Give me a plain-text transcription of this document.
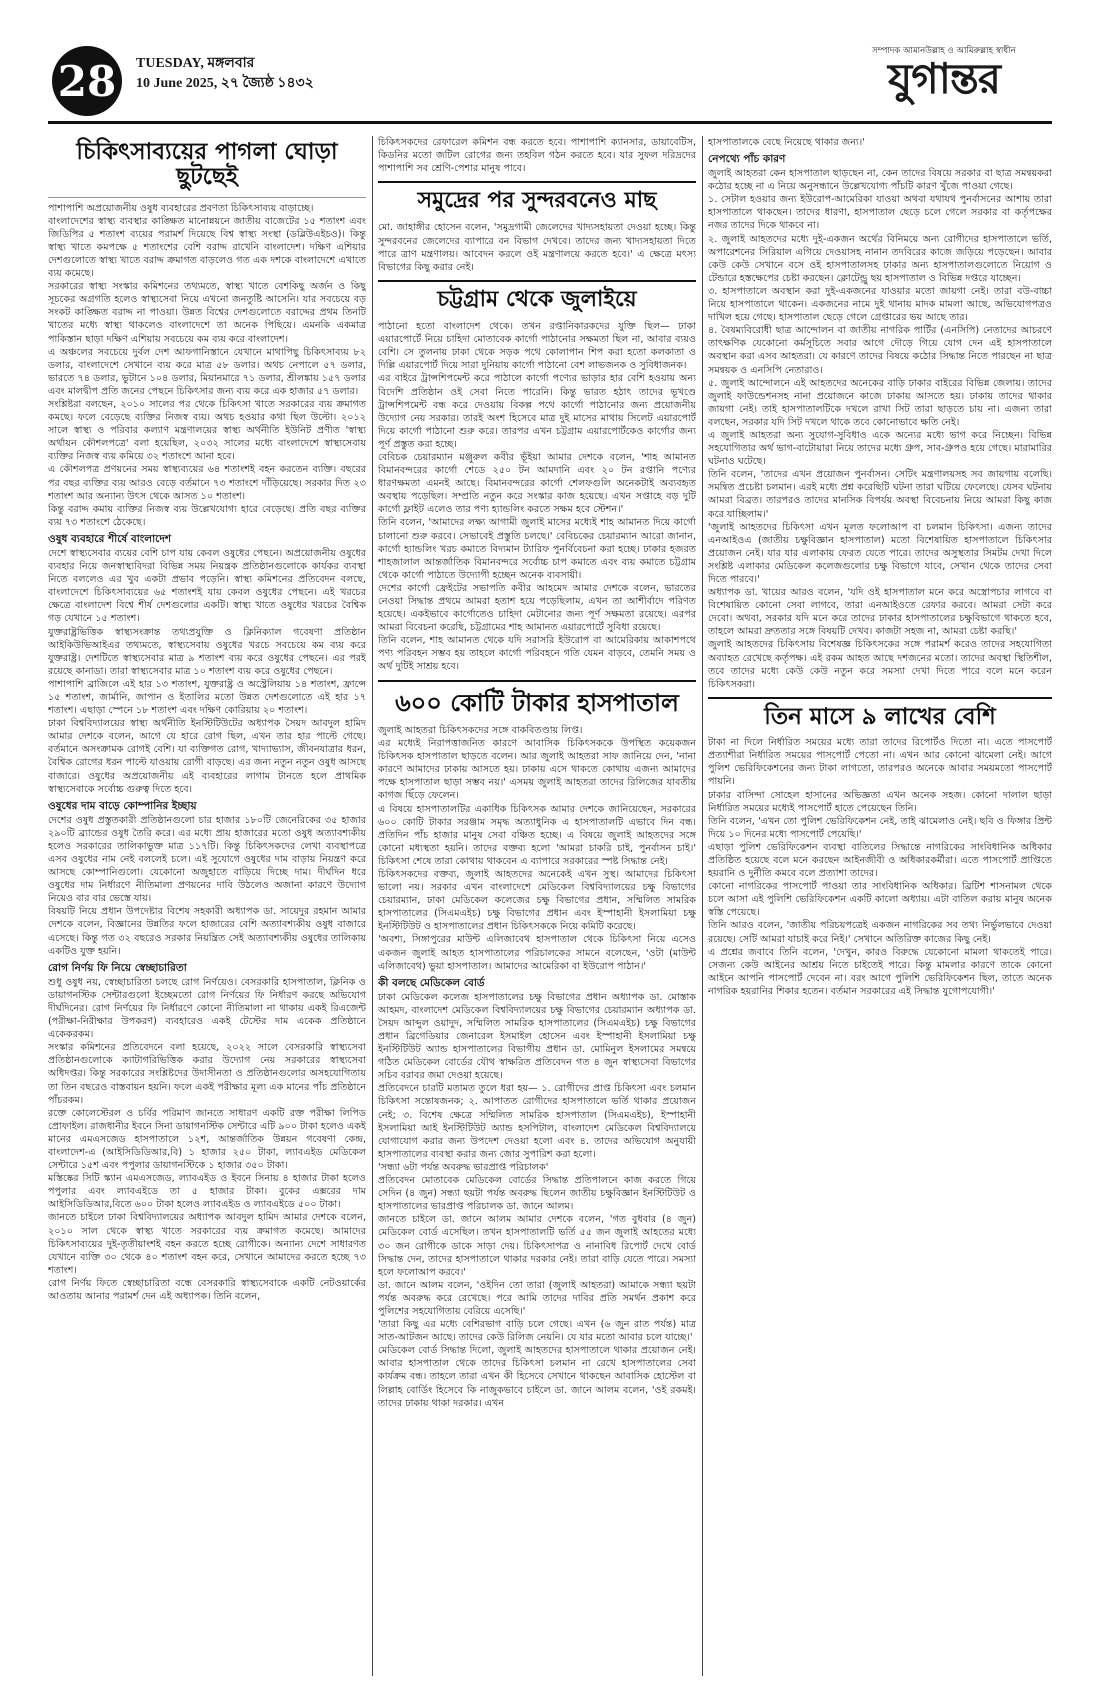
28	TUESDAY, মঙ্গলবার
10 June 2025, ২৭ জ্যৈষ্ঠ ১৪৩২
সম্পাদক আমানউল্লাহ ও আমিরুল্লাহ স্বাধীন
যুগান্তর
চিকিৎসাব্যয়ের পাগলা ঘোড়া ছুটছেই

পাশাপাশি অপ্রয়োজনীয় ওষুধ ব্যবহারের প্রবণতা চিকিৎসাব্যয় বাড়াচ্ছে।

বাংলাদেশের স্বাস্থ্য ব্যবস্থার কাঙ্ক্ষিত মানোন্নয়নে জাতীয় বাজেটের ১৫ শতাংশ এবং জিডিপির ৫ শতাংশ ব্যয়ের পরামর্শ দিয়েছে বিশ্ব স্বাস্থ্য সংস্থা (ডব্লিউএইচও)। কিন্তু স্বাস্থ্য খাতে কমপক্ষে ৫ শতাংশের বেশি বরাদ্দ রাখেনি বাংলাদেশ। দক্ষিণ এশিয়ার দেশগুলোতে স্বাস্থ্য খাতে বরাদ্দ ক্রমাগত বাড়লেও গত এক দশকে বাংলাদেশে এখাতে ব্যয় কমেছে।

সরকারের স্বাস্থ্য সংস্কার কমিশনের তথ্যমতে, স্বাস্থ্য খাতে বেশকিছু অর্জন ও কিছু সূচকের অগ্রগতি হলেও স্বাস্থ্যসেবা নিয়ে এখনো জনতুষ্টি আসেনি। যার সবচেয়ে বড় সংকট কাঙ্ক্ষিত বরাদ্দ না পাওয়া। উন্নত বিশ্বের দেশগুলোতে বরাদ্দের প্রথম তিনটি খাতের মধ্যে স্বাস্থ্য থাকলেও বাংলাদেশে তা অনেক পিছিয়ে। এমনকি একমাত্র পাকিস্তান ছাড়া দক্ষিণ এশিয়ায় সবচেয়ে কম ব্যয় করে বাংলাদেশ।

এ অঞ্চলের সবচেয়ে দুর্বল দেশ আফগানিস্তানে যেখানে মাথাপিছু চিকিৎসাব্যয় ৮২ ডলার, বাংলাদেশে সেখানে ব্যয় করে মাত্র ৫৮ ডলার। অথচ নেপালে ৫৭ ডলার, ভারতে ৭৪ ডলার, ভুটানে ১০৪ ডলার, মিয়ানমারে ৭১ ডলার, শ্রীলঙ্কায় ১৫৭ ডলার এবং মালদ্বীপ প্রতি জনের পেছনে চিকিৎসার জন্য ব্যয় করে এক হাজার ৫৭ ডলার।

সংশ্লিষ্টরা বলছেন, ২০১০ সালের পর থেকে চিকিৎসা খাতে সরকারের ব্যয় ক্রমাগত কমছে। ফলে বেড়েছে ব্যক্তির নিজস্ব ব্যয়। অথচ হওয়ার কথা ছিল উল্টো। ২০১২ সালে স্বাস্থ্য ও পরিবার কল্যাণ মন্ত্রণালয়ের স্বাস্থ্য অর্থনীতি ইউনিট প্রণীত 'স্বাস্থ্য অর্থায়ন কৌশলপত্রে' বলা হয়েছিল, ২০৩২ সালের মধ্যে বাংলাদেশে স্বাস্থ্যসেবায় ব্যক্তির নিজস্ব ব্যয় কমিয়ে ৩২ শতাংশে আনা হবে।

এ কৌশলপত্র প্রণয়নের সময় স্বাস্থ্যব্যয়ের ৬৪ শতাংশই বহন করতেন ব্যক্তি। বছরের পর বছর ব্যক্তির ব্যয় আরও বেড়ে বর্তমানে ৭৩ শতাংশে দাঁড়িয়েছে। সরকার দিত ২৩ শতাংশ আর অন্যান্য উৎস থেকে আসত ১০ শতাংশ।

কিন্তু বরাদ্দ কমায় ব্যক্তির নিজস্ব ব্যয় উল্লেখযোগ্য হারে বেড়েছে। প্রতি বছর ব্যক্তির ব্যয় ৭৩ শতাংশে ঠেকেছে।

ওষুধ ব্যবহারে শীর্ষে বাংলাদেশ

দেশে স্বাস্থ্যসেবার ব্যয়ের বেশি চাপ যায় কেবল ওষুধের পেছনে। অপ্রয়োজনীয় ওষুধের ব্যবহার নিয়ে জনস্বাস্থ্যবিদরা বিভিন্ন সময় নিয়ন্ত্রক প্রতিষ্ঠানগুলোকে কার্যকর ব্যবস্থা নিতে বললেও এর খুব একটা প্রভাব পড়েনি। স্বাস্থ্য কমিশনের প্রতিবেদন বলছে, বাংলাদেশে চিকিৎসাব্যয়ের ৬৫ শতাংশই যায় কেবল ওষুধের পেছনে। এই খরচের ক্ষেত্রে বাংলাদেশ বিশ্বে শীর্ষ দেশগুলোর একটি। স্বাস্থ্য খাতে ওষুধের খরচের বৈশ্বিক গড় যেখানে ১৫ শতাংশ।

যুক্তরাষ্ট্রভিত্তিক স্বাস্থ্যসংক্রান্ত তথ্যপ্রযুক্তি ও ক্লিনিক্যাল গবেষণা প্রতিষ্ঠান আইকিউভিআইএর তথ্যমতে, স্বাস্থ্যসেবায় ওষুধের খরচে সবচেয়ে কম ব্যয় করে যুক্তরাষ্ট্র। দেশটিতে স্বাস্থ্যসেবার মাত্র ৯ শতাংশ ব্যয় করে ওষুধের পেছনে। এর পরই রয়েছে কানাডা। তারা স্বাস্থ্যসেবার মাত্র ১০ শতাংশ ব্যয় করে ওষুধের পেছনে।

পাশাপাশি ব্রাজিলে এই হার ১৩ শতাংশ, যুক্তরাষ্ট্র ও অস্ট্রেলিয়ায় ১৪ শতাংশ, ফ্রান্সে ১৫ শতাংশ, জার্মানি, জাপান ও ইতালির মতো উন্নত দেশগুলোতে এই হার ১৭ শতাংশ। এছাড়া স্পেনে ১৮ শতাংশ এবং দক্ষিণ কোরিয়ায় ২০ শতাংশ।

ঢাকা বিশ্ববিদ্যালয়ের স্বাস্থ্য অর্থনীতি ইনস্টিটিউটের অধ্যাপক সৈয়দ আবদুল হামিদ আমার দেশকে বলেন, আগে যে হারে রোগ ছিল, এখন তার হার পাল্টে গেছে। বর্তমানে অসংক্রামক রোগই বেশি। যা ব্যক্তিগত রোগ, খাদ্যাভ্যাস, জীবনযাত্রার ধরন, বৈশ্বিক রোগের ধরন পাল্টে যাওয়ায় রোগী বাড়ছে। এর জন্য নতুন নতুন ওষুধ আসছে বাজারে। ওষুধের অপ্রয়োজনীয় এই ব্যবহারের লাগাম টানতে হলে প্রাথমিক স্বাস্থ্যসেবাকে সর্বোচ্চ গুরুত্ব দিতে হবে।

ওষুধের দাম বাড়ে কোম্পানির ইচ্ছায়

দেশের ওষুধ প্রস্তুতকারী প্রতিষ্ঠানগুলো চার হাজার ১৮০টি জেনেরিকের ৩৫ হাজার ২৯০টি ব্র্যান্ডের ওষুধ তৈরি করে। এর মধ্যে প্রায় হাজারের মতো ওষুধ অত্যাবশ্যকীয় হলেও সরকারের তালিকাভুক্ত মাত্র ১১৭টি। কিন্তু চিকিৎসকদের লেখা ব্যবস্থাপত্রে এসব ওষুধের নাম নেই বললেই চলে। এই সুযোগে ওষুধের দাম বাড়ায় নিয়ন্ত্রণ করে আসছে কোম্পানিগুলো। যেকোনো অজুহাতে বাড়িয়ে দিচ্ছে দাম। দীর্ঘদিন ধরে ওষুধের দাম নির্ধারণে নীতিমালা প্রণয়নের দাবি উঠলেও অজানা কারণে উদ্যোগ নিয়েও বার বার ভেস্তে যায়।

বিষয়টি নিয়ে প্রধান উপদেষ্টার বিশেষ সহকারী অধ্যাপক ডা. সায়েদুর রহমান আমার দেশকে বলেন, বিজ্ঞানের উন্নতির ফলে হাজারের বেশি অত্যাবশ্যকীয় ওষুধ বাজারে এসেছে। কিন্তু গত ৩২ বছরেও সরকার নিয়ন্ত্রিত সেই অত্যাবশ্যকীয় ওষুধের তালিকায় একটিও যুক্ত হয়নি।

রোগ নির্ণয় ফি নিয়ে স্বেচ্ছাচারিতা

শুধু ওষুধ নয়, স্বেচ্ছাচারিতা চলছে রোগ নির্ণয়েও। বেসরকারি হাসপাতাল, ক্লিনিক ও ডায়াগনস্টিক সেন্টারগুলো ইচ্ছেমতো রোগ নির্ণয়ের ফি নির্ধারণ করছে অভিযোগ দীর্ঘদিনের। রোগ নির্ণয়ের ফি নির্ধারণে কোনো নীতিমালা না থাকায় একই রিএজেন্ট (পরীক্ষা-নিরীক্ষার উপকরণ) ব্যবহারেও একই টেস্টের দাম একেক প্রতিষ্ঠানে একেকরকম।

সংস্কার কমিশনের প্রতিবেদনে বলা হয়েছে, ২০২২ সালে বেসরকারি স্বাস্থ্যসেবা প্রতিষ্ঠানগুলোকে ক্যাটাগরিভিত্তিক করার উদ্যোগ নেয় সরকারের স্বাস্থ্যসেবা অধিদপ্তর। কিন্তু সরকারের সংশ্লিষ্টদের উদাসীনতা ও প্রতিষ্ঠানগুলোর অসহযোগিতায় তা তিন বছরেও বাস্তবায়ন হয়নি। ফলে একই পরীক্ষার মূল্য এক মানের পাঁচ প্রতিষ্ঠানে পাঁচরকম।

রক্তে কোলেস্টেরল ও চর্বির পরিমাণ জানতে সাধারণ একটি রক্ত পরীক্ষা লিপিড প্রোফাইল। রাজধানীর ইবনে সিনা ডায়াগনস্টিক সেন্টারে এটি ৯০০ টাকা হলেও একই মানের এমএসজেড হাসপাতালে ১২শ, আন্তর্জাতিক উন্নয়ন গবেষণা কেন্দ্র, বাংলাদেশ-এ (আইসিডিডিআর,বি) ১ হাজার ২৫০ টাকা, ল্যাবএইড মেডিকেল সেন্টারে ১৫শ এবং পপুলার ডায়াগনস্টিকে ১ হাজার ৩৫০ টাকা।

মস্তিষ্কের সিটি স্ক্যান এমএসজেড, ল্যাবএইড ও ইবনে সিনায় ৪ হাজার টাকা হলেও পপুলার এবং ল্যাবএইডে তা ৫ হাজার টাকা। বুকের এক্সরের দাম আইসিডিডিআর,বিতে ৬০০ টাকা হলেও ল্যাবএইড ও ল্যাবএইডে ৫০০ টাকা।

জানতে চাইলে ঢাকা বিশ্ববিদ্যালয়ের অধ্যাপক আবদুল হামিদ আমার দেশকে বলেন, ২০১০ সাল থেকে স্বাস্থ্য খাতে সরকারের ব্যয় ক্রমাগত কমেছে। আমাদের চিকিৎসাব্যয়ের দুই-তৃতীয়াংশই বহন করতে হচ্ছে রোগীকে। অন্যান্য দেশে সাধারণত যেখানে ব্যক্তি ৩০ থেকে ৪০ শতাংশ বহন করে, সেখানে আমাদের করতে হচ্ছে ৭৩ শতাংশ।

রোগ নির্ণয় ফিতে স্বেচ্ছাচারিতা বন্ধে বেসরকারি স্বাস্থ্যসেবাকে একটি নেটওয়ার্কের আওতায় আনার পরামর্শ দেন এই অধ্যাপক। তিনি বলেন,

চিকিৎসকদের রেফারেল কমিশন বন্ধ করতে হবে। পাশাপাশি ক্যানসার, ডায়াবেটিস, কিডনির মতো জটিল রোগের জন্য তহবিল গঠন করতে হবে। যার সুফল দরিদ্রদের পাশাপাশি সব শ্রেণি-পেশার মানুষ পাবে।

সমুদ্রের পর সুন্দরবনেও মাছ

মো. জাহাঙ্গীর হোসেন বলেন, 'সমুদ্রগামী জেলেদের খাদ্যসহায়তা দেওয়া হচ্ছে। কিন্তু সুন্দরবনের জেলেদের ব্যাপারে বন বিভাগ দেখবে। তাদের জন্য খাদ্যসহায়তা দিতে পারে ত্রাণ মন্ত্রণালয়। আবেদন করলে ওই মন্ত্রণালয়ে করতে হবে।' এ ক্ষেত্রে মৎস্য বিভাগের কিছু করার নেই।

চট্টগ্রাম থেকে জুলাইয়ে

পাঠানো হতো বাংলাদেশ থেকে। তখন রপ্তানিকারকদের যুক্তি ছিল— ঢাকা এয়ারপোর্টে নিয়ে চাহিদা মোতাবেক কার্গো পাঠানোর সক্ষমতা ছিল না, আবার ব্যয়ও বেশি। সে তুলনায় ঢাকা থেকে সড়ক পথে কোলাপান শিপ করা হতো কলকাতা ও দিল্লি এয়ারপোর্ট দিয়ে সারা দুনিয়ায় কার্গো পাঠানো বেশ লাভজনক ও সুবিধাজনক।

এর বাইরে ট্রান্সশিপমেন্ট করে পাঠালে কার্গো পণ্যের ভাড়ার হার বেশি হওয়ায় অন্য বিদেশি প্রতিষ্ঠান ওই সেবা নিতে পারেনি। কিন্তু ভারত হঠাৎ তাদের ভূখণ্ডে ট্রান্সশিপমেন্ট বন্ধ করে দেওয়ায় বিকল্প পথে কার্গো পাঠানোর জন্য প্রয়োজনীয় উদ্যোগ নেয় সরকার। তারই অংশ হিসেবে মাত্র দুই মাসের মাথায় সিলেট এয়ারপোর্ট দিয়ে কার্গো পাঠানো শুরু করে। তারপর এখন চট্টগ্রাম এয়ারপোর্টকেও কার্গোর জন্য পূর্ণ প্রস্তুত করা হচ্ছে।

বেবিচক চেয়ারম্যান মঞ্জুরুল কবীর ভূঁইয়া আমার দেশকে বলেন, 'শাহ আমানত বিমানবন্দরের কার্গো শেডে ২৫০ টন আমদানি এবং ২০ টন রপ্তানি পণ্যের ধারণক্ষমতা এমনই আছে। বিমানবন্দরের কার্গো শেলফগুলি অনেকটাই অব্যবহৃত অবস্থায় পড়েছিল। সম্প্রতি নতুন করে সংস্কার কাজ হয়েছে। এখন সপ্তাহে বড় দুটি কার্গো ফ্লাইট এলেও তার পণ্য হ্যান্ডলিং করতে সক্ষম হবে স্টেশন।'

তিনি বলেন, 'আমাদের লক্ষ্য আগামী জুলাই মাসের মধ্যেই শাহ আমানত দিয়ে কার্গো চালানো শুরু করবে। সেভাবেই প্রস্তুতি চলছে।' বেবিচকের চেয়ারম্যান আরো জানান, কার্গো হ্যান্ডলিং খরচ কমাতে বিদ্যমান ট্যারিফ পুনর্বিবেচনা করা হচ্ছে। ঢাকার হজরত শাহজালাল আন্তর্জাতিক বিমানবন্দরে সর্বোচ্চ চাপ কমাতে এবং ব্যয় কমাতে চট্টগ্রাম থেকে কার্গো পাঠাতে উদ্যোগী হচ্ছেন অনেক ব্যবসায়ী।

দেশের কার্গো ফ্রেইটের সভাপতি কবীর আহমেদ আমার দেশকে বলেন, ভারতের নেওয়া সিদ্ধান্ত প্রথমে আমরা হতাশ হয়ে পড়েছিলাম, এখন তা আশীর্বাদে পরিণত হয়েছে। একইভাবে কার্গোতেও চাহিদা মেটানোর জন্য পূর্ণ সক্ষমতা রয়েছে। এরপর আমরা বিবেচনা করেছি, চট্টগ্রামের শাহ আমানত এয়ারপোর্টে সুবিধা রয়েছে।

তিনি বলেন, শাহ আমানত থেকে যদি সরাসরি ইউরোপ বা আমেরিকায় আকাশপথে পণ্য পরিবহন সম্ভব হয় তাহলে কার্গো পরিবহনে গতি যেমন বাড়বে, তেমনি সময় ও অর্থ দুটিই সাশ্রয় হবে।

৬০০ কোটি টাকার হাসপাতাল

জুলাই আহতরা চিকিৎসকদের সঙ্গে বাকবিতণ্ডায় লিপ্ত।

এর মধ্যেই নিরাপত্তাজনিত কারণে আবাসিক চিকিৎসককে উপস্থিত কয়েকজন চিকিৎসক হাসপাতাল ছাড়তে বলেন। আর জুলাই আহতরা সাফ জানিয়ে দেন, 'নানা কারণে আমাদের ঢাকায় আসতে হয়। ঢাকায় এসে থাকতে কোথায় এজন্য আমাদের পক্ষে হাসপাতাল ছাড়া সম্ভব নয়।' এসময় জুলাই আহতরা তাদের রিলিজের যাবতীয় কাগজ ছিঁড়ে ফেলেন।

এ বিষয়ে হাসপাতালটির একাধিক চিকিৎসক আমার দেশকে জানিয়েছেন, সরকারের ৬০০ কোটি টাকার সরঞ্জাম সমৃদ্ধ অত্যাধুনিক এ হাসপাতালটি এভাবে দিন বন্ধ। প্রতিদিন পাঁচ হাজার মানুষ সেবা বঞ্চিত হচ্ছে। এ বিষয়ে জুলাই আহতদের সঙ্গে কোনো মধ্যস্থতা হয়নি। তাদের বক্তব্য হলো 'আমরা চাকরি চাই, পুনর্বাসন চাই।' চিকিৎসা শেষে তারা কোথায় থাকবেন এ ব্যাপারে সরকারের স্পষ্ট সিদ্ধান্ত নেই।

চিকিৎসকদের বক্তব্য, জুলাই আহতদের অনেকেই এখন সুস্থ। আমাদের চিকিৎসা ভালো নয়। সরকার এখন বাংলাদেশে মেডিকেল বিশ্ববিদ্যালয়ের চক্ষু বিভাগের চেয়ারম্যান, ঢাকা মেডিকেল কলেজের চক্ষু বিভাগের প্রধান, সম্মিলিত সামরিক হাসপাতালের (সিএমএইচ) চক্ষু বিভাগের প্রধান এবং ইস্পাহানী ইসলামিয়া চক্ষু ইনস্টিটিউট ও হাসপাতালের প্রধান চিকিৎসককে নিয়ে কমিটি করেছে।

'অবশ্য, সিঙ্গাপুরের মাউন্ট এলিজাবেথ হাসপাতাল থেকে চিকিৎসা নিয়ে এসেও একজন জুলাই আহত হাসপাতালের পরিচালকের সামনে বলেছেন, 'ওটা (মাউন্ট এলিজাবেথ) ভুয়া হাসপাতাল। আমাদের আমেরিকা বা ইউরোপ পাঠান।'

কী বলছে মেডিকেল বোর্ড

ঢাকা মেডিকেল কলেজ হাসপাতালের চক্ষু বিভাগের প্রধান অধ্যাপক ডা. মোস্তাক আহমদ, বাংলাদেশ মেডিকেল বিশ্ববিদ্যালয়ের চক্ষু বিভাগের চেয়ারম্যান অধ্যাপক ডা. সৈয়দ আব্দুল ওয়াদুদ, সম্মিলিত সামরিক হাসপাতালের (সিএমএইচ) চক্ষু বিভাগের প্রধান ব্রিগেডিয়ার জেনারেল ইসমাইল হোসেন এবং ইস্পাহানী ইসলামিয়া চক্ষু ইনস্টিটিউট অ্যান্ড হাসপাতালের বিভাগীয় প্রধান ডা. মোমিনুল ইসলামের সমন্বয়ে গঠিত মেডিকেল বোর্ডের যৌথ স্বাক্ষরিত প্রতিবেদন গত ৪ জুন স্বাস্থ্যসেবা বিভাগের সচিব বরাবর জমা দেওয়া হয়েছে।

প্রতিবেদনে চারটি মতামত তুলে ধরা হয়— ১. রোগীদের প্রাপ্ত চিকিৎসা এবং চলমান চিকিৎসা সন্তোষজনক; ২. আপাতত রোগীদের হাসপাতালে ভর্তি থাকার প্রয়োজন নেই; ৩. বিশেষ ক্ষেত্রে সম্মিলিত সামরিক হাসপাতাল (সিএমএইচ), ইস্পাহানী ইসলামিয়া আই ইনস্টিটিউট অ্যান্ড হসপিটাল, বাংলাদেশ মেডিকেল বিশ্ববিদ্যালয়ে যোগাযোগ করার জন্য উপদেশ দেওয়া হলো এবং ৪. তাদের অভিযোগ অনুযায়ী হাসপাতালের ব্যবস্থা করার জন্য জোর সুপারিশ করা হলো।

'সন্ধ্যা ৬টা পর্যন্ত অবরুদ্ধ ভারপ্রাপ্ত পরিচালক'

প্রতিবেদন মোতাবেক মেডিকেল বোর্ডের সিদ্ধান্ত প্রতিপালনে কাজ করতে গিয়ে সেদিন (৪ জুন) সন্ধ্যা ছয়টা পর্যন্ত অবরুদ্ধ ছিলেন জাতীয় চক্ষুবিজ্ঞান ইনস্টিটিউট ও হাসপাতালের ভারপ্রাপ্ত পরিচালক ডা. জানে আলম।

জানতে চাইলে ডা. জানে আলম আমার দেশকে বলেন, 'গত বুধবার (৪ জুন) মেডিকেল বোর্ড এসেছিল। তখন হাসপাতালটি ভর্তি ৫৫ জন জুলাই আহতের মধ্যে ৩০ জন রোগীকে ডাকে সাড়া দেয়। চিকিৎসাপত্র ও নানাবিধ রিপোর্ট দেখে বোর্ড সিদ্ধান্ত দেন, তাদের হাসপাতালে থাকার দরকার নেই। তারা বাড়ি যেতে পারে। সমস্যা হলে ফলোআপ করবে।'

ডা. জানে আলম বলেন, 'ওইদিন তো তারা (জুলাই আহতরা) আমাকে সন্ধ্যা ছয়টা পর্যন্ত অবরুদ্ধ করে রেখেছে। পরে আমি তাদের দাবির প্রতি সমর্থন প্রকাশ করে পুলিশের সহযোগিতায় বেরিয়ে এসেছি।'

'তারা কিছু এর মধ্যে বেশিরভাগ বাড়ি চলে গেছে। এখন (৬ জুন রাত পর্যন্ত) মাত্র সাত-আটজন আছে। তাদের কেউ রিলিজ নেয়নি। যে যার মতো আবার চলে যাচ্ছে।'

মেডিকেল বোর্ড সিদ্ধান্ত দিলো, জুলাই আহতদের হাসপাতালে থাকার প্রয়োজন নেই। আবার হাসপাতাল থেকে তাদের চিকিৎসা চলমান না রেখে হাসপাতালের সেবা কার্যক্রম বন্ধ। তাহলে তারা এখন কী হিসেবে সেখানে থাকছেন আবাসিক হোস্টেল বা লিল্লাহ বোর্ডিং হিসেবে কি নাজুকভাবে চাইলে ডা. জানে আলম বলেন, 'ওই রকমই। তাদের ঢাকায় থাকা দরকার। এখন

হাসপাতালকে বেছে নিয়েছে থাকার জন্য।'

নেপথ্যে পাঁচ কারণ

জুলাই আহতরা কেন হাসপাতাল ছাড়ছেন না, কেন তাদের বিষয়ে সরকার বা ছাত্র সমন্বয়করা কঠোর হচ্ছে না এ নিয়ে অনুসন্ধানে উল্লেখযোগ্য পাঁচটি কারণ খুঁজে পাওয়া গেছে।

১. সেটাল হওয়ার জন্য ইউরোপ-আমেরিকা যাওয়া অথবা যথাযথ পুনর্বাসনের আশায় তারা হাসপাতালে থাকছেন। তাদের ধারণা, হাসপাতাল ছেড়ে চলে গেলে সরকার বা কর্তৃপক্ষের নজর তাদের দিকে থাকবে না।

২. জুলাই আহতদের মধ্যে দুই-একজন অর্থের বিনিময়ে অন্য রোগীদের হাসপাতালে ভর্তি, অপারেশনের সিরিয়াল এগিয়ে দেওয়াসহ নানান তদবিরের কাজে জড়িয়ে পড়েছেন। আবার কেউ কেউ সেখানে বসে ওই হাসপাতালসহ ঢাকার অন্য হাসপাতালগুলোতে নিয়োগ ও টেন্ডারে হস্তক্ষেপের চেষ্টা করছেন। ক্লোটেন্ড্রু ছয় হাসপাতাল ও বিভিন্ন দপ্তরে যাচ্ছেন।

৩. হাসপাতালে অবস্থান করা দুই-একজনের যাওয়ার মতো জায়গা নেই। তারা বউ-বাচ্চা নিয়ে হাসপাতালে থাকেন। একজনের নামে দুই থানায় মাদক মামলা আছে, অভিযোগপত্রও দাখিল হয়ে গেছে। হাসপাতাল ছেড়ে গেলে গ্রেপ্তারের ভয় আছে তার।

৪. বৈষম্যবিরোধী ছাত্র আন্দোলন বা জাতীয় নাগরিক পার্টির (এনসিপি) নেতাদের আচরণে তাৎক্ষণিক যেকোনো কর্মসূচিতে সবার আগে দৌড়ে গিয়ে যোগ দেন এই হাসপাতালে অবস্থান করা এসব আহতরা। যে কারণে তাদের বিষয়ে কঠোর সিদ্ধান্ত নিতে পারছেন না ছাত্র সমন্বয়ক ও এনসিপি নেতারাও।

৫. জুলাই আন্দোলনে এই আহতদের অনেকের বাড়ি ঢাকার বাইরের বিভিন্ন জেলায়। তাদের জুলাই ফাউন্ডেশনসহ নানা প্রয়োজনে কাজে ঢাকায় আসতে হয়। ঢাকায় তাদের থাকার জায়গা নেই। তাই হাসপাতালটিকে দখলে রাখা সিট তারা ছাড়তে চায় না। এজন্য তারা বলছেন, সরকার যদি সিট দখলে থাকে তবে কোনোভাবে ক্ষতি নেই।

এ জুলাই আহতরা অন্য সুযোগ-সুবিধাও একে অন্যের মধ্যে ভাগ করে নিচ্ছেন। বিভিন্ন সহযোগিতার অর্থ ভাগ-বাটোয়ারা নিয়ে তাদের মধ্যে গ্রুপ, সাব-গ্রুপও হয়ে গেছে। মারামারির ঘটনাও ঘটেছে।

তিনি বলেন, 'তাদের এখন প্রয়োজন পুনর্বাসন। সেটিং মন্ত্রণালয়সহ সব জায়গায় বলেছি। সমন্বিত প্রচেষ্টা চলমান। এরই মধ্যে প্রশ্ন করেছিটি ঘটনা তারা ঘটিয়ে ফেলেছে। যেসব ঘটনায় আমরা বিব্রত। তারপরও তাদের মানসিক বিপর্যয় অবস্থা বিবেচনায় নিয়ে আমরা কিছু কাজ করে যাচ্ছিলাম।'

'জুলাই আহতদের চিকিৎসা এখন মূলত ফলোআপ বা চলমান চিকিৎসা। এজন্য তাদের এনআইওএ (জাতীয় চক্ষুবিজ্ঞান হাসপাতাল) মতো বিশেষায়িত হাসপাতালে চিকিৎসার প্রয়োজন নেই। যার যার এলাকায় ফেরত যেতে পারে। তাদের অসুস্থতার সিমটম দেখা দিলে সংশ্লিষ্ট এলাকার মেডিকেল কলেজগুলোর চক্ষু বিভাগে যাবে, সেখান থেকে তাদের সেবা দিতে পারবে।'

অধ্যাপক ডা. খায়ের আরও বলেন, 'যদি ওই হাসপাতাল মনে করে অস্ত্রোপচার লাগবে বা বিশেষায়িত কোনো সেবা লাগবে, তারা এনআইওতে রেফার করবে। আমরা সেটা করে দেবো। অথবা, সরকার যদি মনে করে তাদের ঢাকার হাসপাতালের চক্ষুবিভাগে থাকতে হবে, তাহলে আমরা দ্রুততার সঙ্গে বিষয়টি দেখব। কাজটা সহজ না, আমরা চেষ্টা করছি।'

জুলাই আহতদের চিকিৎসায় বিশেষজ্ঞ চিকিৎসকের সঙ্গে পরামর্শ করেও তাদের সহযোগিতা অব্যাহত রেখেছে কর্তৃপক্ষ। এই রকম আহত আছে দশজনের মতো। তাদের অবস্থা স্থিতিশীল, তবে তাদের মধ্যে কেউ কেউ নতুন করে সমস্যা দেখা দিতে পারে বলে মনে করেন চিকিৎসকরা।

তিন মাসে ৯ লাখের বেশি

টাকা না দিলে নির্ধারিত সময়ের মধ্যে তারা তাদের রিপোর্টও দিতো না। এতে পাসপোর্ট প্রত্যাশীরা নির্ধারিত সময়ের পাসপোর্ট পেতো না। এখন আর কোনো ঝামেলা নেই। আগে পুলিশ ভেরিফিকেশনের জন্য টাকা লাগতো, তারপরও অনেকে আবার সময়মতো পাসপোর্ট পায়নি।

ঢাকার বাসিন্দা সোহেল হাসানের অভিজ্ঞতা এখন অনেক সহজ। কোনো দালাল ছাড়া নির্ধারিত সময়ের মধ্যেই পাসপোর্ট হাতে পেয়েছেন তিনি।

তিনি বলেন, 'এখন তো পুলিশ ভেরিফিকেশন নেই, তাই ঝামেলাও নেই। ছবি ও ফিঙ্গার প্রিন্ট দিয়ে ১০ দিনের মধ্যে পাসপোর্ট পেয়েছি।'

এছাড়া পুলিশ ভেরিফিকেশন ব্যবস্থা বাতিলের সিদ্ধান্তে নাগরিকের সাংবিধানিক অধিকার প্রতিষ্ঠিত হয়েছে বলে মনে করছেন আইনজীবী ও অধিকারকর্মীরা। এতে পাসপোর্ট প্রাপ্তিতে হয়রানি ও দুর্নীতি কমবে বলে প্রত্যাশা তাদের।

কোনো নাগরিকের পাসপোর্ট পাওয়া তার সাংবিধানিক অধিকার। ব্রিটিশ শাসনামল থেকে চলে আসা এই পুলিশি ভেরিফিকেশন একটি কালো অধ্যায়। এটা বাতিল করায় মানুষ অনেক স্বস্তি পেয়েছে।

তিনি আরও বলেন, 'জাতীয় পরিচয়পত্রেই একজন নাগরিকের সব তথ্য নির্ভুলভাবে দেওয়া রয়েছে। সেটি আমরা যাচাই করে নিই।' সেখানে অতিরিক্ত কাজের কিছু নেই।

এ প্রশ্নের জবাবে তিনি বলেন, 'দেখুন, কারও বিরুদ্ধে যেকোনো মামলা থাকতেই পারে। সেজন্য কেউ আইনের আশ্রয় নিতে চাইতেই পারে। কিন্তু মামলার কারণে তাকে কোনো আইনে আপনি পাসপোর্ট দেবেন না। বরং আগে পুলিশি ভেরিফিকেশন ছিল, তাতে অনেক নাগরিক হয়রানির শিকার হতেন। বর্তমান সরকারের এই সিদ্ধান্ত যুগোপযোগী।'
